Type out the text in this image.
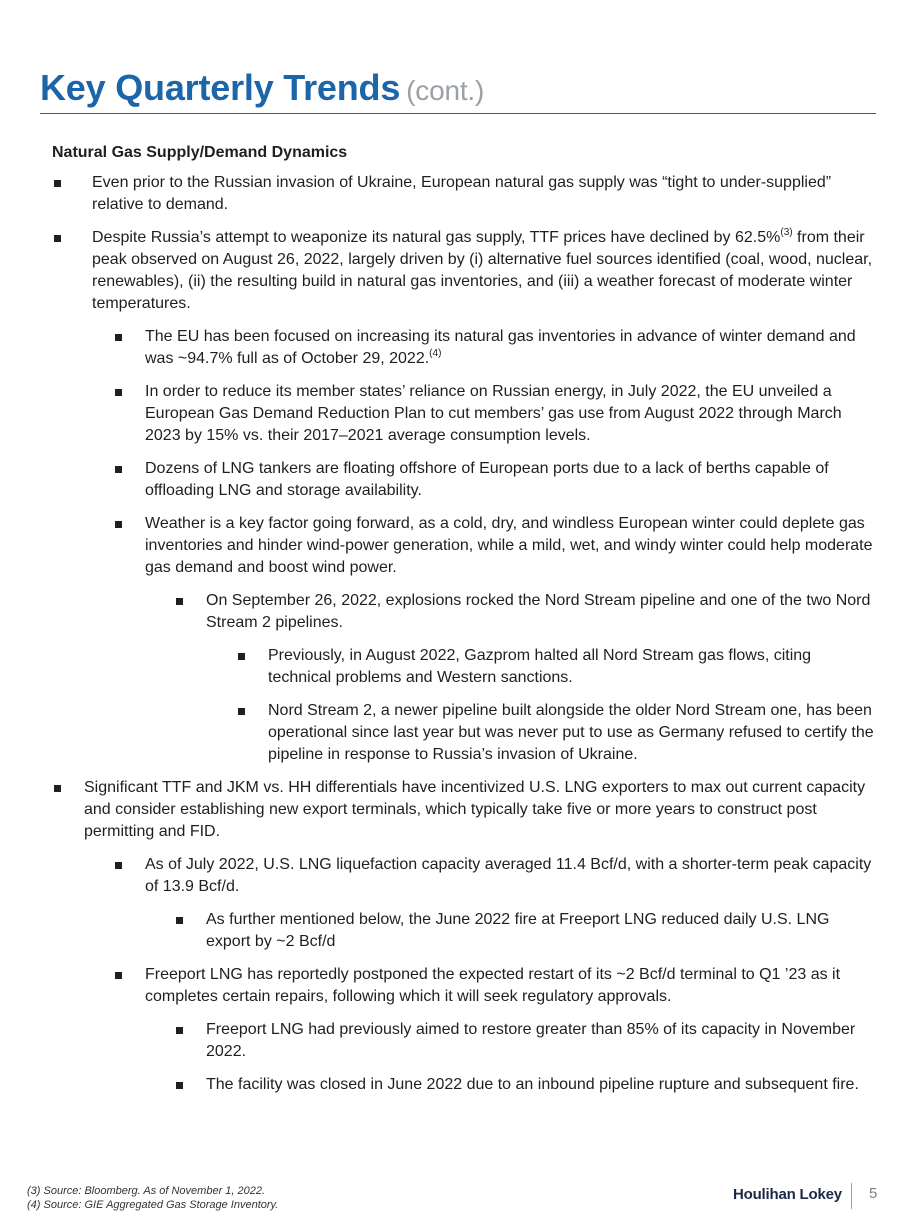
Key Quarterly Trends (cont.)
Natural Gas Supply/Demand Dynamics
Even prior to the Russian invasion of Ukraine, European natural gas supply was “tight to under-supplied” relative to demand.
Despite Russia’s attempt to weaponize its natural gas supply, TTF prices have declined by 62.5%$^{(3)}$ from their peak observed on August 26, 2022, largely driven by (i) alternative fuel sources identified (coal, wood, nuclear, renewables), (ii) the resulting build in natural gas inventories, and (iii) a weather forecast of moderate winter temperatures.
The EU has been focused on increasing its natural gas inventories in advance of winter demand and was ~94.7% full as of October 29, 2022.$^{(4)}$
In order to reduce its member states’ reliance on Russian energy, in July 2022, the EU unveiled a European Gas Demand Reduction Plan to cut members’ gas use from August 2022 through March 2023 by 15% vs. their 2017–2021 average consumption levels.
Dozens of LNG tankers are floating offshore of European ports due to a lack of berths capable of offloading LNG and storage availability.
Weather is a key factor going forward, as a cold, dry, and windless European winter could deplete gas inventories and hinder wind-power generation, while a mild, wet, and windy winter could help moderate gas demand and boost wind power.
On September 26, 2022, explosions rocked the Nord Stream pipeline and one of the two Nord Stream 2 pipelines.
Previously, in August 2022, Gazprom halted all Nord Stream gas flows, citing technical problems and Western sanctions.
Nord Stream 2, a newer pipeline built alongside the older Nord Stream one, has been operational since last year but was never put to use as Germany refused to certify the pipeline in response to Russia’s invasion of Ukraine.
Significant TTF and JKM vs. HH differentials have incentivized U.S. LNG exporters to max out current capacity and consider establishing new export terminals, which typically take five or more years to construct post permitting and FID.
As of July 2022, U.S. LNG liquefaction capacity averaged 11.4 Bcf/d, with a shorter-term peak capacity of 13.9 Bcf/d.
As further mentioned below, the June 2022 fire at Freeport LNG reduced daily U.S. LNG export by ~2 Bcf/d
Freeport LNG has reportedly postponed the expected restart of its ~2 Bcf/d terminal to Q1 ’23 as it completes certain repairs, following which it will seek regulatory approvals.
Freeport LNG had previously aimed to restore greater than 85% of its capacity in November 2022.
The facility was closed in June 2022 due to an inbound pipeline rupture and subsequent fire.
(3) Source: Bloomberg. As of November 1, 2022.
(4) Source: GIE Aggregated Gas Storage Inventory.
Houlihan Lokey 5
